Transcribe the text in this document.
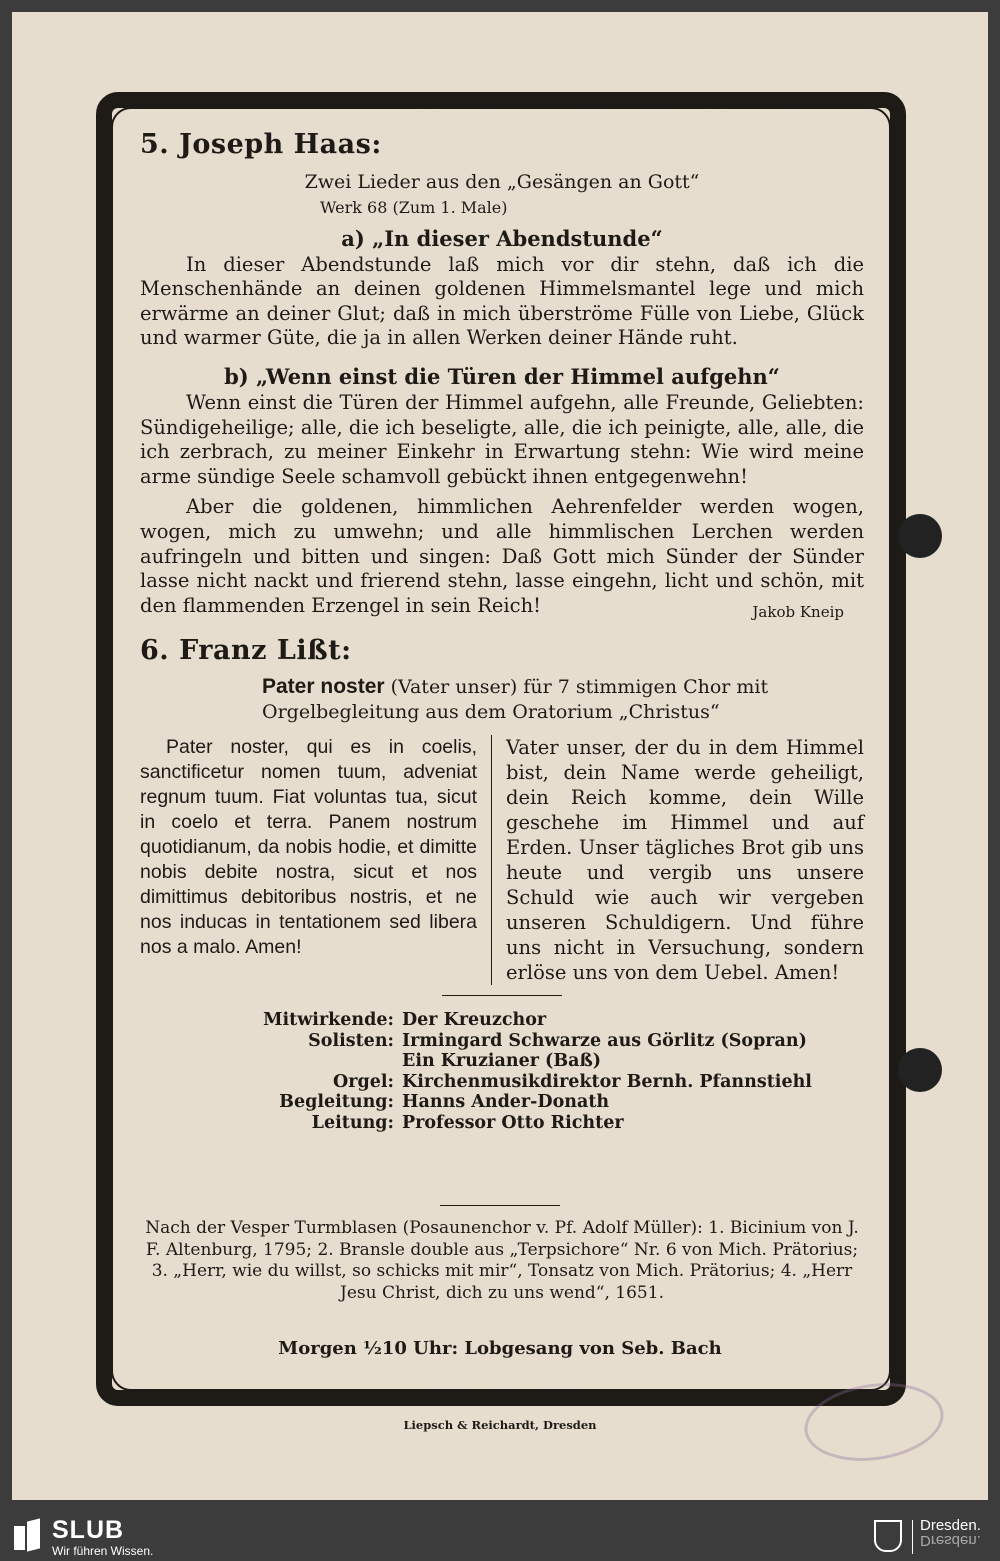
5. Joseph Haas:
Zwei Lieder aus den „Gesängen an Gott“
Werk 68 (Zum 1. Male)
a) „In dieser Abendstunde“

In dieser Abendstunde laß mich vor dir stehn, daß ich die Menschenhände an deinen goldenen Himmelsmantel lege und mich erwärme an deiner Glut; daß in mich überströme Fülle von Liebe, Glück und warmer Güte, die ja in allen Werken deiner Hände ruht.

b) „Wenn einst die Türen der Himmel aufgehn“

Wenn einst die Türen der Himmel aufgehn, alle Freunde, Geliebten: Sündigeheilige; alle, die ich beseligte, alle, die ich peinigte, alle, alle, die ich zerbrach, zu meiner Einkehr in Erwartung stehn: Wie wird meine arme sündige Seele schamvoll gebückt ihnen entgegenwehn!

Aber die goldenen, himmlichen Aehrenfelder werden wogen, wogen, mich zu umwehn; und alle himmlischen Lerchen werden aufringeln und bitten und singen: Daß Gott mich Sünder der Sünder lasse nicht nackt und frierend stehn, lasse eingehn, licht und schön, mit den flammenden Erzengel in sein Reich!	Jakob Kneip

6. Franz Lißt:
Pater noster (Vater unser) für 7 stimmigen Chor mit Orgelbegleitung aus dem Oratorium „Christus“
Pater noster, qui es in coelis, sanctificetur nomen tuum, adveniat regnum tuum. Fiat voluntas tua, sicut in coelo et terra. Panem nostrum quotidianum, da nobis hodie, et dimitte nobis debite nostra, sicut et nos dimittimus debitoribus nostris, et ne nos inducas in tentationem sed libera nos a malo. Amen!
Vater unser, der du in dem Himmel bist, dein Name werde geheiligt, dein Reich komme, dein Wille geschehe im Himmel und auf Erden. Unser tägliches Brot gib uns heute und vergib uns unsere Schuld wie auch wir vergeben unseren Schuldigern. Und führe uns nicht in Versuchung, sondern erlöse uns von dem Uebel. Amen!
Mitwirkende: Der Kreuzchor
Solisten: Irmingard Schwarze aus Görlitz (Sopran)
Ein Kruzianer (Baß)
Orgel: Kirchenmusikdirektor Bernh. Pfannstiehl
Begleitung: Hanns Ander-Donath
Leitung: Professor Otto Richter
Nach der Vesper Turmblasen (Posaunenchor v. Pf. Adolf Müller): 1. Bicinium von J. F. Altenburg, 1795; 2. Bransle double aus „Terpsichore“ Nr. 6 von Mich. Prätorius; 3. „Herr, wie du willst, so schicks mit mir“, Tonsatz von Mich. Prätorius; 4. „Herr Jesu Christ, dich zu uns wend“, 1651.
Morgen ½10 Uhr: Lobgesang von Seb. Bach
Liepsch & Reichardt, Dresden
SLUB
Wir führen Wissen.
Dresden.
Dresden.
